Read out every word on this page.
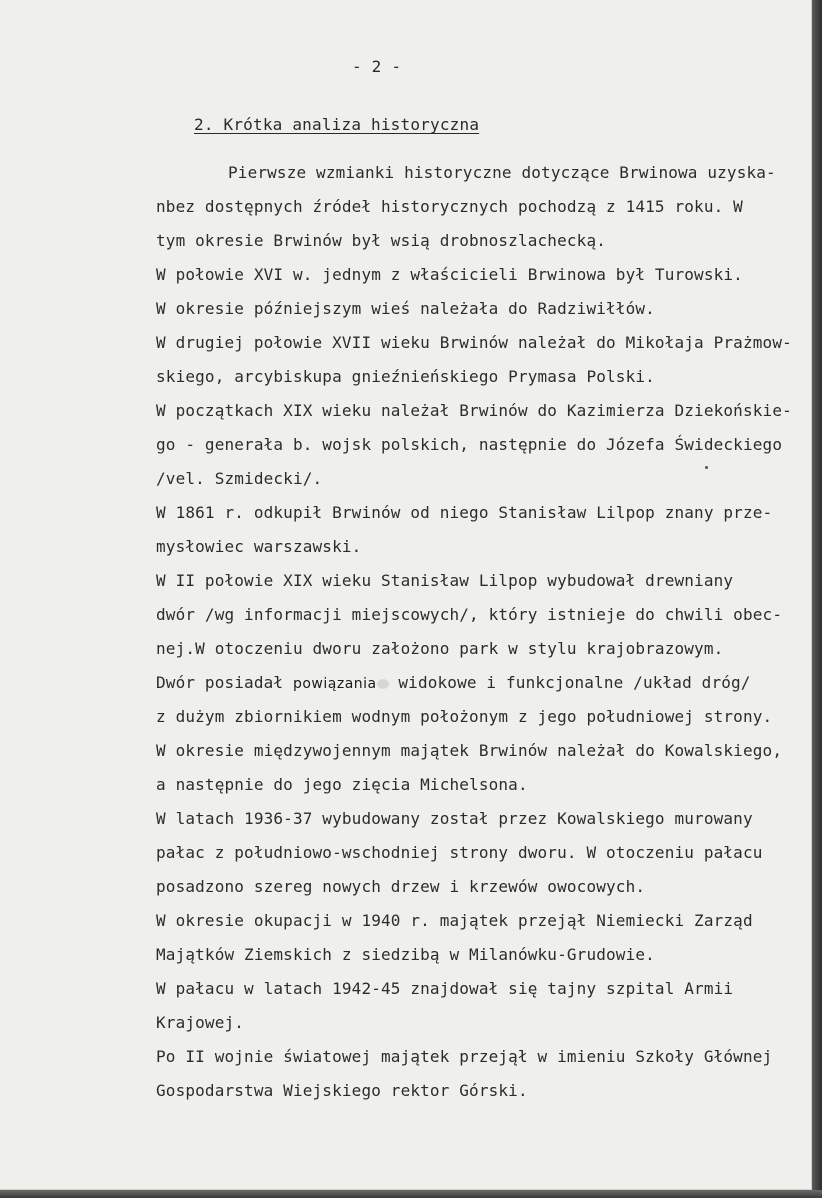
- 2 -
2. Krótka analiza historyczna
Pierwsze wzmianki historyczne dotyczące Brwinowa uzyska-
nbez dostępnych źródeł historycznych pochodzą z 1415 roku. W
tym okresie Brwinów był wsią drobnoszlachecką.
W połowie XVI w. jednym z właścicieli Brwinowa był Turowski.
W okresie późniejszym wieś należała do Radziwiłłów.
W drugiej połowie XVII wieku Brwinów należał do Mikołaja Prażmow-
skiego, arcybiskupa gnieźnieńskiego Prymasa Polski.
W początkach XIX wieku należał Brwinów do Kazimierza Dziekońskie-
go - generała b. wojsk polskich, następnie do Józefa Śwideckiego
/vel. Szmidecki/.
W 1861 r. odkupił Brwinów od niego Stanisław Lilpop znany prze-
mysłowiec warszawski.
W II połowie XIX wieku Stanisław Lilpop wybudował drewniany
dwór /wg informacji miejscowych/, który istnieje do chwili obec-
nej.W otoczeniu dworu założono park w stylu krajobrazowym.
Dwór posiadał powiązania widokowe i funkcjonalne /układ dróg/
z dużym zbiornikiem wodnym położonym z jego południowej strony.
W okresie międzywojennym majątek Brwinów należał do Kowalskiego,
a następnie do jego zięcia Michelsona.
W latach 1936-37 wybudowany został przez Kowalskiego murowany
pałac z południowo-wschodniej strony dworu. W otoczeniu pałacu
posadzono szereg nowych drzew i krzewów owocowych.
W okresie okupacji w 1940 r. majątek przejął Niemiecki Zarząd
Majątków Ziemskich z siedzibą w Milanówku-Grudowie.
W pałacu w latach 1942-45 znajdował się tajny szpital Armii
Krajowej.
Po II wojnie światowej majątek przejął w imieniu Szkoły Głównej
Gospodarstwa Wiejskiego rektor Górski.
